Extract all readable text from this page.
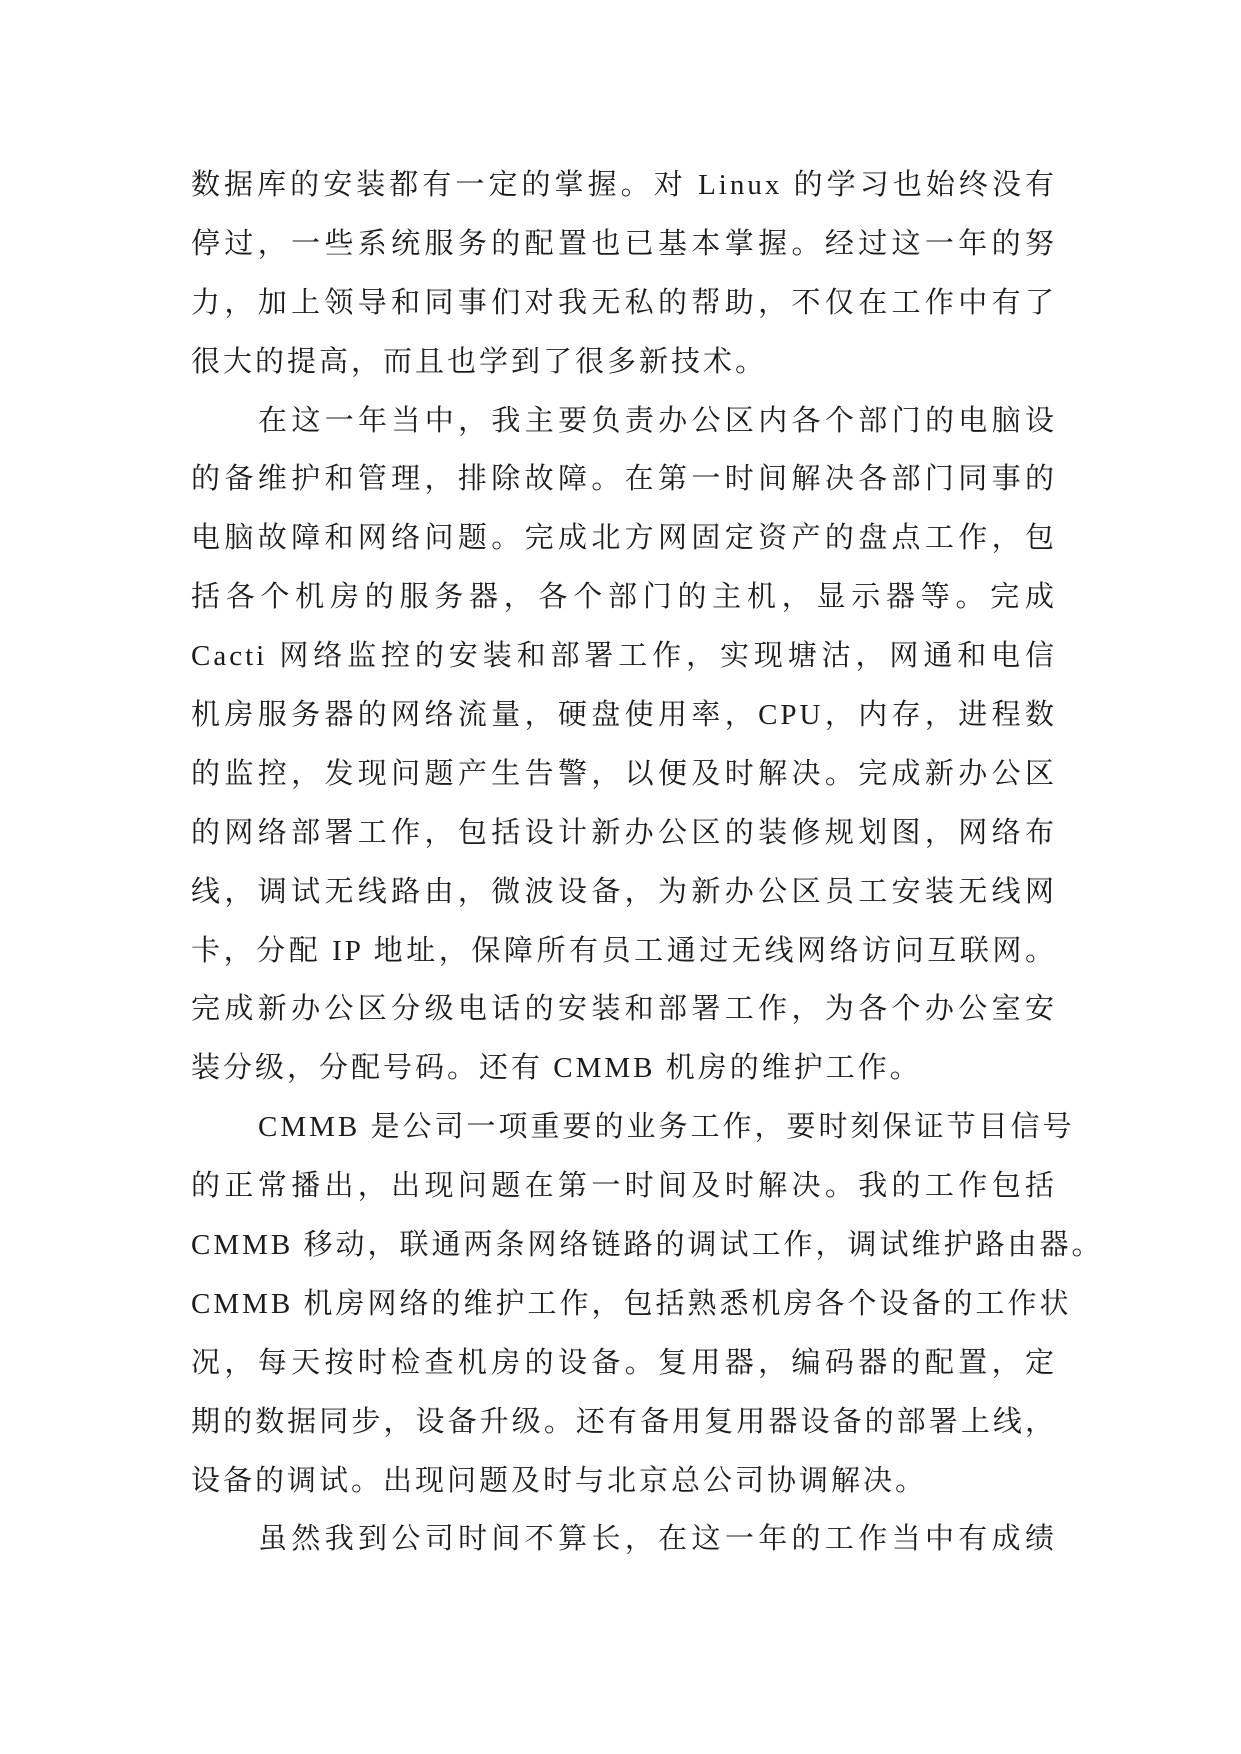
数据库的安装都有一定的掌握。对 Linux 的学习也始终没有
停过，一些系统服务的配置也已基本掌握。经过这一年的努
力，加上领导和同事们对我无私的帮助，不仅在工作中有了
很大的提高，而且也学到了很多新技术。
在这一年当中，我主要负责办公区内各个部门的电脑设
的备维护和管理，排除故障。在第一时间解决各部门同事的
电脑故障和网络问题。完成北方网固定资产的盘点工作，包
括各个机房的服务器，各个部门的主机，显示器等。完成
Cacti 网络监控的安装和部署工作，实现塘沽，网通和电信
机房服务器的网络流量，硬盘使用率，CPU，内存，进程数
的监控，发现问题产生告警，以便及时解决。完成新办公区
的网络部署工作，包括设计新办公区的装修规划图，网络布
线，调试无线路由，微波设备，为新办公区员工安装无线网
卡，分配 IP 地址，保障所有员工通过无线网络访问互联网。
完成新办公区分级电话的安装和部署工作，为各个办公室安
装分级，分配号码。还有 CMMB 机房的维护工作。
CMMB 是公司一项重要的业务工作，要时刻保证节目信号
的正常播出，出现问题在第一时间及时解决。我的工作包括
CMMB 移动，联通两条网络链路的调试工作，调试维护路由器。
CMMB 机房网络的维护工作，包括熟悉机房各个设备的工作状
况，每天按时检查机房的设备。复用器，编码器的配置，定
期的数据同步，设备升级。还有备用复用器设备的部署上线，
设备的调试。出现问题及时与北京总公司协调解决。
虽然我到公司时间不算长，在这一年的工作当中有成绩
